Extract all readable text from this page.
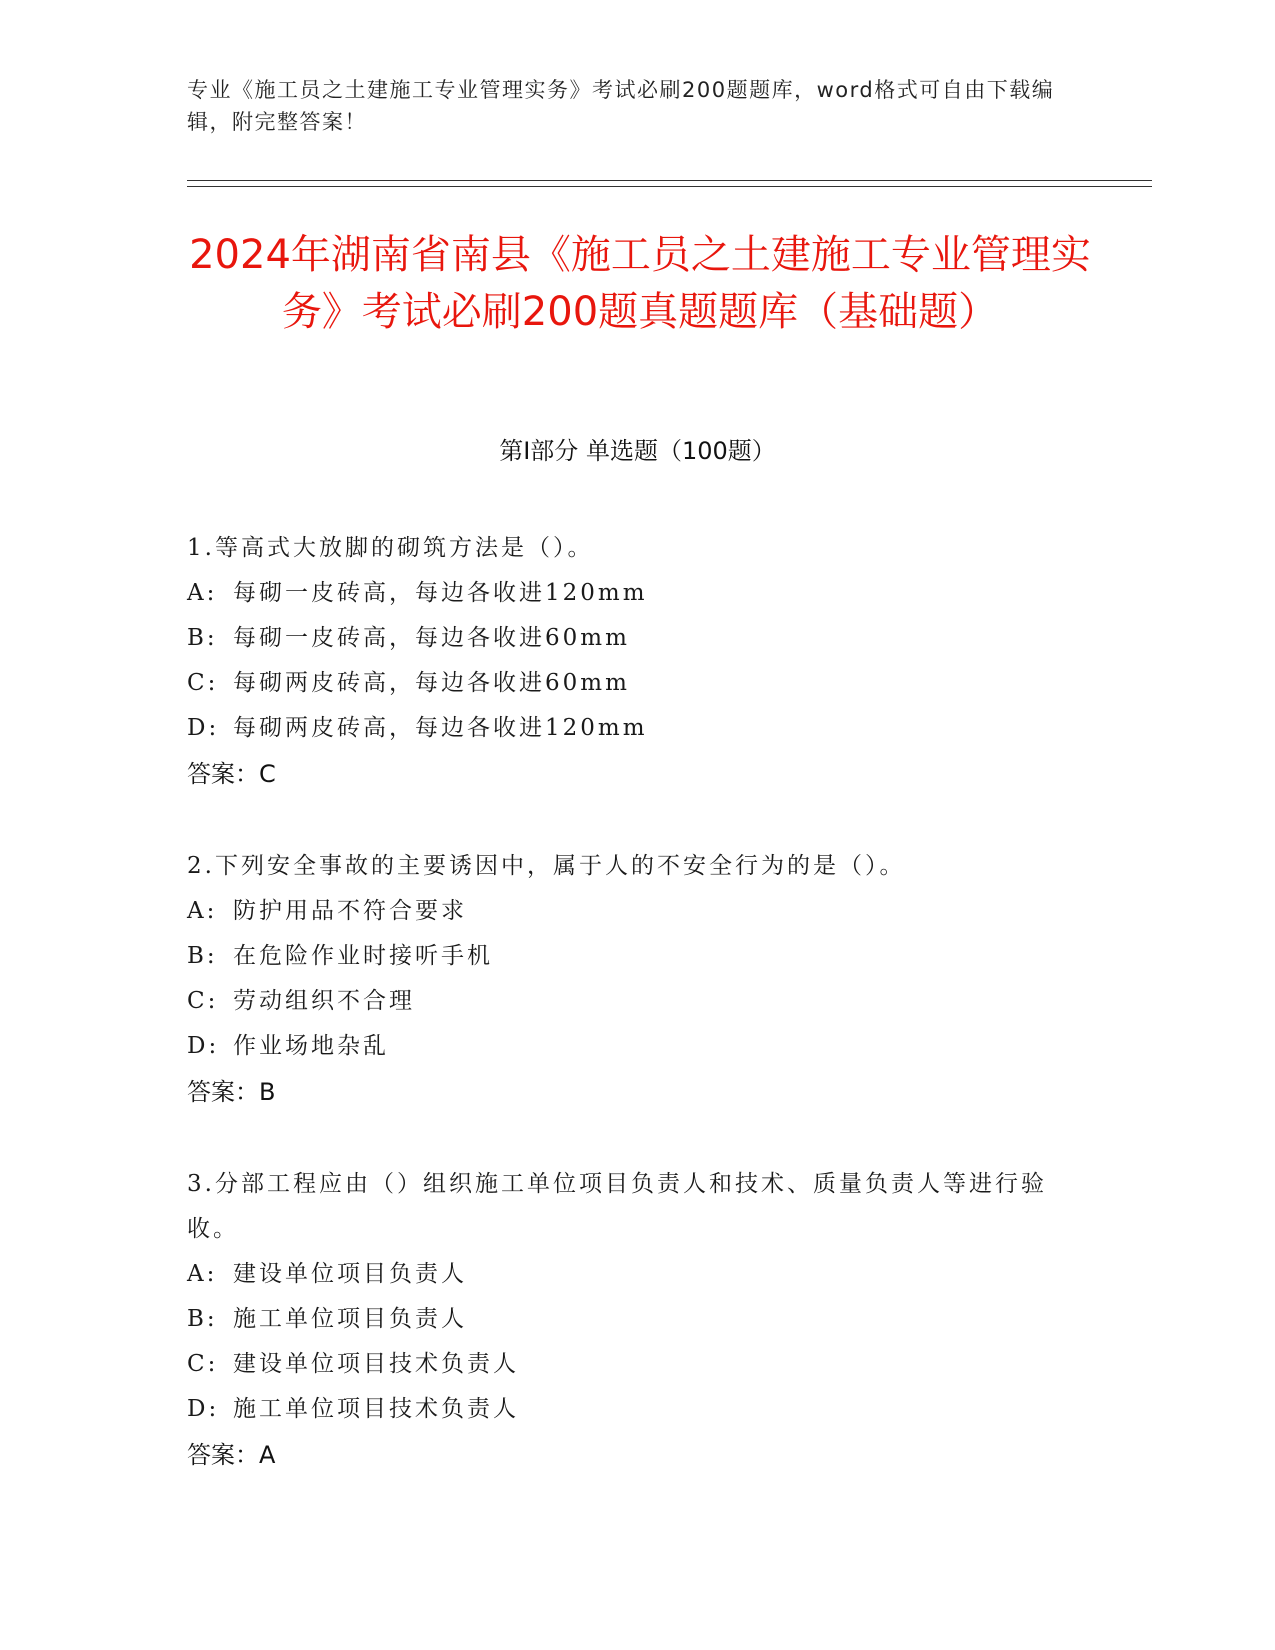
专业《施工员之土建施工专业管理实务》考试必刷200题题库，word格式可自由下载编辑，附完整答案！
2024年湖南省南县《施工员之土建施工专业管理实务》考试必刷200题真题题库（基础题）
第I部分 单选题（100题）
1.等高式大放脚的砌筑方法是（）。
A: 每砌一皮砖高，每边各收进120mm
B: 每砌一皮砖高，每边各收进60mm
C: 每砌两皮砖高，每边各收进60mm
D: 每砌两皮砖高，每边各收进120mm
答案：C
2.下列安全事故的主要诱因中，属于人的不安全行为的是（）。
A: 防护用品不符合要求
B: 在危险作业时接听手机
C: 劳动组织不合理
D: 作业场地杂乱
答案：B
3.分部工程应由（）组织施工单位项目负责人和技术、质量负责人等进行验收。
A: 建设单位项目负责人
B: 施工单位项目负责人
C: 建设单位项目技术负责人
D: 施工单位项目技术负责人
答案：A
